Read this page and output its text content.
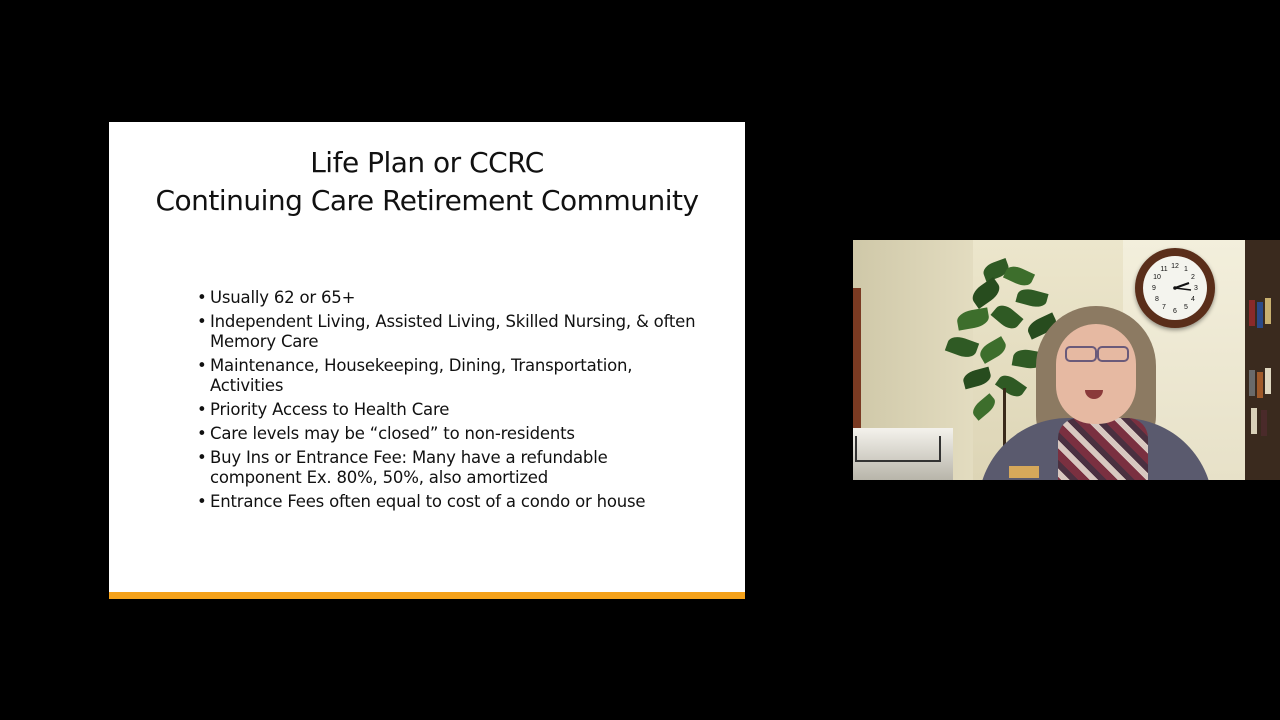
Life Plan or CCRC
Continuing Care Retirement Community
• Usually 62 or 65+
• Independent Living, Assisted Living, Skilled Nursing, & often Memory Care
• Maintenance, Housekeeping, Dining, Transportation, Activities
• Priority Access to Health Care
• Care levels may be “closed” to non-residents
• Buy Ins or Entrance Fee: Many have a refundable component Ex. 80%, 50%, also amortized
• Entrance Fees often equal to cost of a condo or house
12 1
2
3
4
5
6
7
8
9
10
11
